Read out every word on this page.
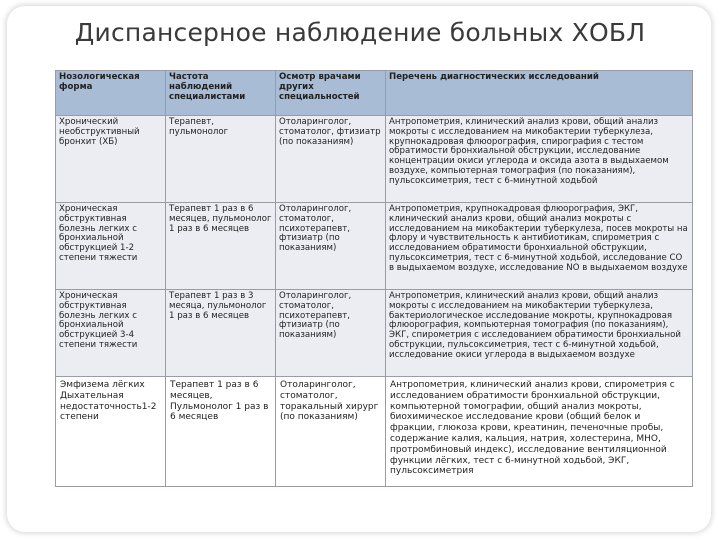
Диспансерное наблюдение больных ХОБЛ
Нозологическая форма	Частота наблюдений специалистами	Осмотр врачами других специальностей	Перечень диагностических исследований
Хронический необструктивный бронхит (ХБ)	Терапевт, пульмонолог	Отоларинголог, стоматолог, фтизиатр (по показаниям)	Антропометрия, клинический анализ крови, общий анализ мокроты с исследованием на микобактерии туберкулеза, крупнокадровая флюорография, спирография с тестом обратимости бронхиальной обструкции, исследование концентрации окиси углерода и оксида азота в выдыхаемом воздухе, компьютерная томография (по показаниям), пульсоксиметрия, тест с 6-минутной ходьбой
Хроническая обструктивная болезнь легких с бронхиальной обструкцией 1-2 степени тяжести	Терапевт 1 раз в 6 месяцев, пульмонолог 1 раз в 6 месяцев	Отоларинголог, стоматолог, психотерапевт, фтизиатр (по показаниям)	Антропометрия, крупнокадровая флюорография, ЭКГ, клинический анализ крови, общий анализ мокроты с исследованием на микобактерии туберкулеза, посев мокроты на флору и чувствительность к антибиотикам, спирометрия с исследованием обратимости бронхиальной обструкции, пульсоксиметрия, тест с 6-минутной ходьбой, исследование СО в выдыхаемом воздухе, исследование NO в выдыхаемом воздухе
Хроническая обструктивная болезнь легких с бронхиальной обструкцией 3-4 степени тяжести	Терапевт 1 раз в 3 месяца, пульмонолог 1 раз в 6 месяцев	Отоларинголог, стоматолог, психотерапевт, фтизиатр (по показаниям)	Антропометрия, клинический анализ крови, общий анализ мокроты с исследованием на микобактерии туберкулеза, бактериологическое исследование мокроты, крупнокадровая флюорография, компьютерная томография (по показаниям), ЭКГ, спирометрия с исследованием обратимости бронхиальной обструкции, пульсоксиметрия, тест с 6-минутной ходьбой, исследование окиси углерода в выдыхаемом воздухе
Эмфизема лёгких Дыхательная недостаточность1-2 степени	Терапевт 1 раз в 6 месяцев, Пульмонолог 1 раз в 6 месяцев	Отоларинголог, стоматолог, торакальный хирург (по показаниям)	Антропометрия, клинический анализ крови, спирометрия с исследованием обратимости бронхиальной обструкции, компьютерной томографии, общий анализ мокроты, биохимическое исследование крови (общий белок и фракции, глюкоза крови, креатинин, печеночные пробы, содержание калия, кальция, натрия, холестерина, МНО, протромбиновый индекс), исследование вентиляционной функции лёгких, тест с 6-минутной ходьбой, ЭКГ, пульсоксиметрия
